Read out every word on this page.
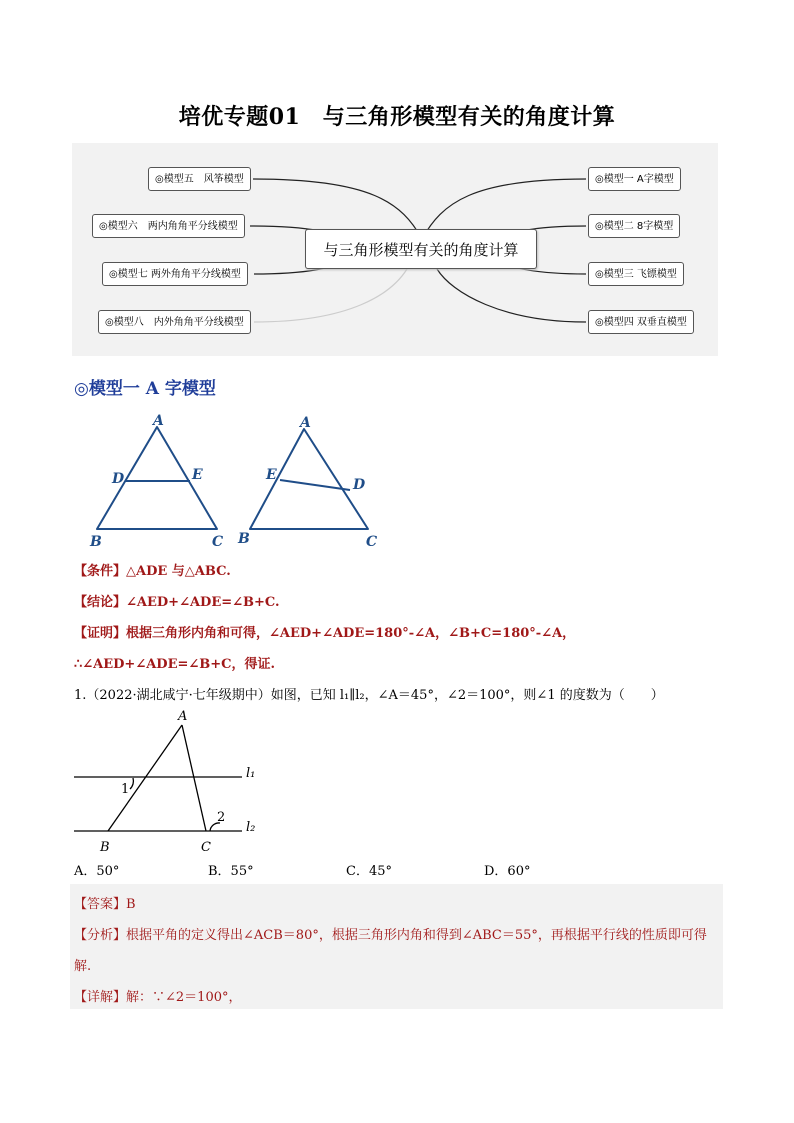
培优专题01　与三角形模型有关的角度计算
◎模型五　风筝模型
◎模型六　两内角角平分线模型
◎模型七 两外角角平分线模型
◎模型八　内外角角平分线模型
与三角形模型有关的角度计算
◎模型一 A字模型
◎模型二 8字模型
◎模型三 飞镖模型
◎模型四 双垂直模型
◎模型一 A 字模型
A
D	E
B	C
A
E
D
B	C
【条件】△ADE 与△ABC.
【结论】∠AED+∠ADE=∠B+C.
【证明】根据三角形内角和可得，∠AED+∠ADE=180°-∠A，∠B+C=180°-∠A，
∴∠AED+∠ADE=∠B+C，得证.
1.（2022·湖北咸宁·七年级期中）如图，已知 l₁∥l₂，∠A＝45°，∠2＝100°，则∠1 的度数为（　　）
A
1
2
l₁
l₂
B	C
A．50°	B．55°	C．45°	D．60°
【答案】B
【分析】根据平角的定义得出∠ACB＝80°，根据三角形内角和得到∠ABC＝55°，再根据平行线的性质即可得
解.
【详解】解：∵∠2＝100°，
